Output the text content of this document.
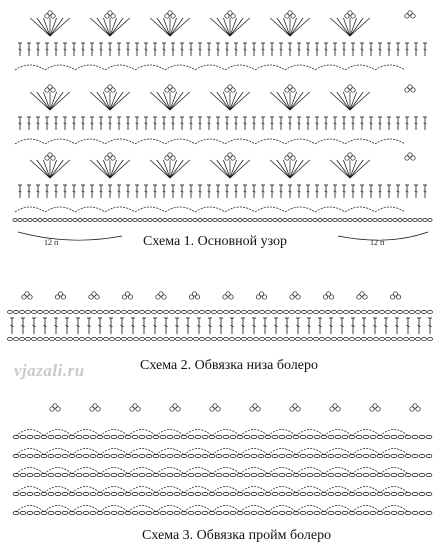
12 п	12 п
Схема 1. Основной узор
vjazali.ru	Схема 2. Обвязка низа болеро
Схема 3. Обвязка пройм болеро
